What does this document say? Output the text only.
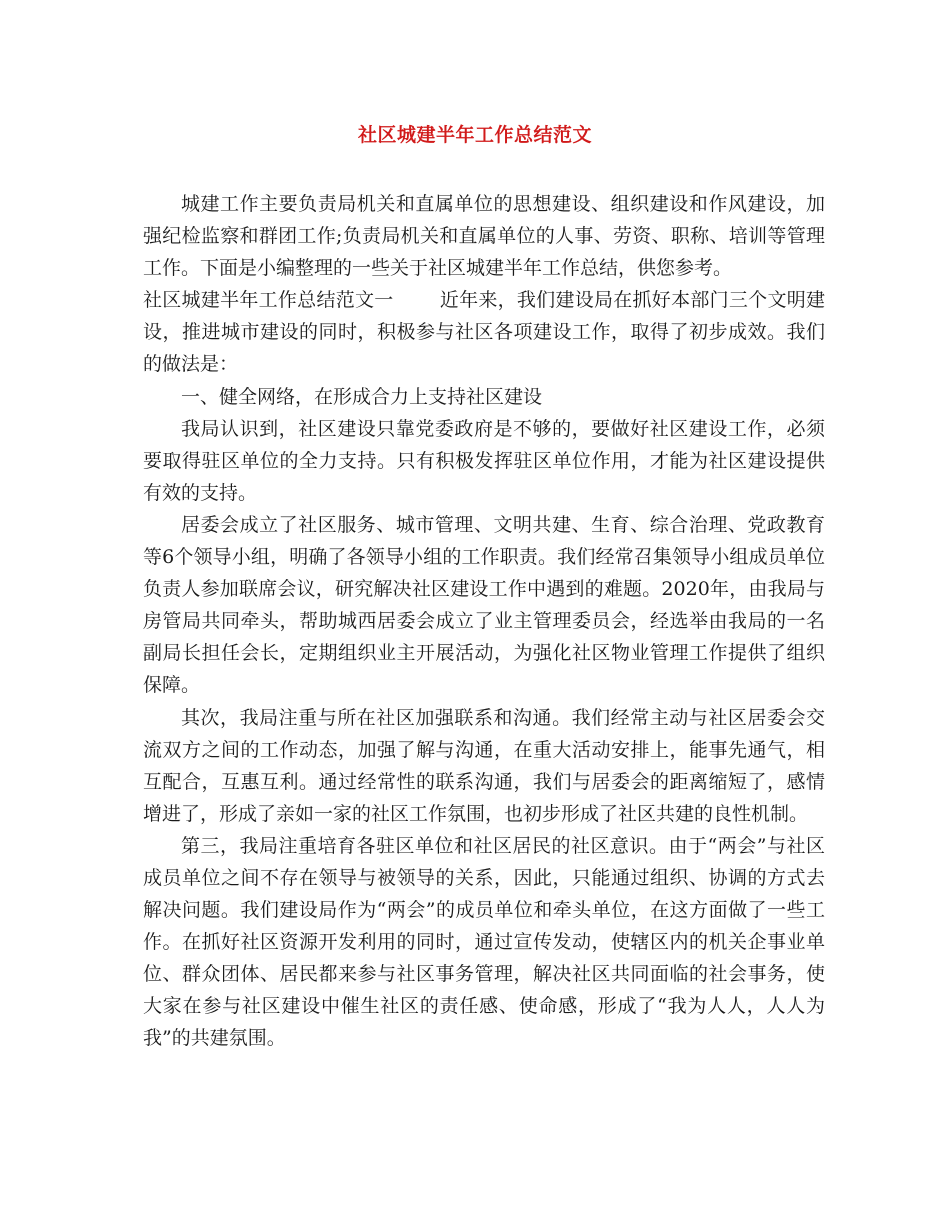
社区城建半年工作总结范文

城建工作主要负责局机关和直属单位的思想建设、组织建设和作风建设，加强纪检监察和群团工作;负责局机关和直属单位的人事、劳资、职称、培训等管理工作。下面是小编整理的一些关于社区城建半年工作总结，供您参考。

社区城建半年工作总结范文一 近年来，我们建设局在抓好本部门三个文明建设，推进城市建设的同时，积极参与社区各项建设工作，取得了初步成效。我们的做法是：

一、健全网络，在形成合力上支持社区建设

我局认识到，社区建设只靠党委政府是不够的，要做好社区建设工作，必须要取得驻区单位的全力支持。只有积极发挥驻区单位作用，才能为社区建设提供有效的支持。

居委会成立了社区服务、城市管理、文明共建、生育、综合治理、党政教育等6个领导小组，明确了各领导小组的工作职责。我们经常召集领导小组成员单位负责人参加联席会议，研究解决社区建设工作中遇到的难题。2020年，由我局与房管局共同牵头，帮助城西居委会成立了业主管理委员会，经选举由我局的一名副局长担任会长，定期组织业主开展活动，为强化社区物业管理工作提供了组织保障。

其次，我局注重与所在社区加强联系和沟通。我们经常主动与社区居委会交流双方之间的工作动态，加强了解与沟通，在重大活动安排上，能事先通气，相互配合，互惠互利。通过经常性的联系沟通，我们与居委会的距离缩短了，感情增进了，形成了亲如一家的社区工作氛围，也初步形成了社区共建的良性机制。

第三，我局注重培育各驻区单位和社区居民的社区意识。由于“两会”与社区成员单位之间不存在领导与被领导的关系，因此，只能通过组织、协调的方式去解决问题。我们建设局作为“两会”的成员单位和牵头单位，在这方面做了一些工作。在抓好社区资源开发利用的同时，通过宣传发动，使辖区内的机关企事业单位、群众团体、居民都来参与社区事务管理，解决社区共同面临的社会事务，使大家在参与社区建设中催生社区的责任感、使命感，形成了“我为人人，人人为我”的共建氛围。
